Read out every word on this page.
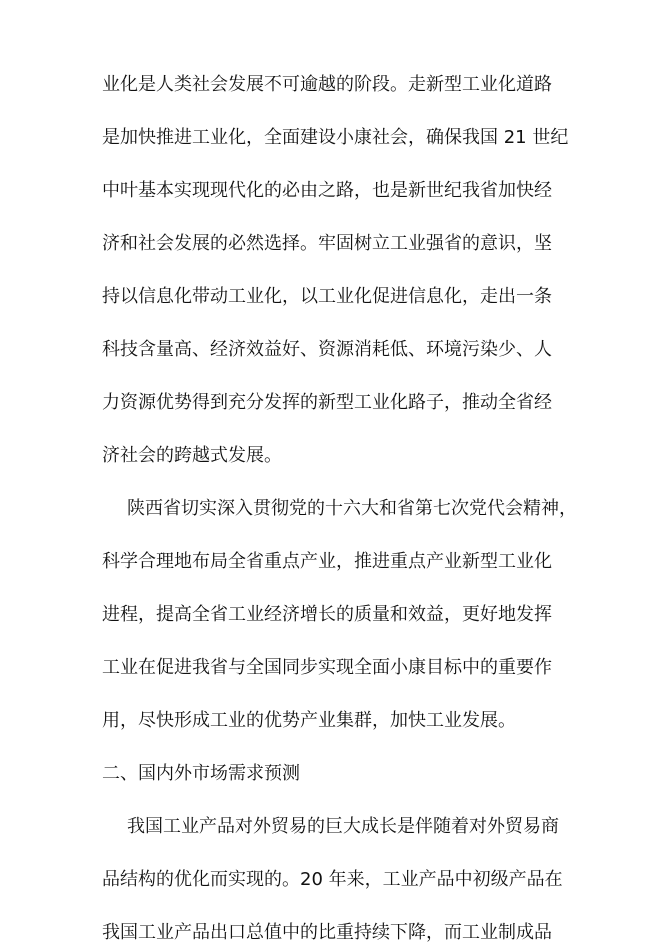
业化是人类社会发展不可逾越的阶段。走新型工业化道路
是加快推进工业化，全面建设小康社会，确保我国 21 世纪
中叶基本实现现代化的必由之路，也是新世纪我省加快经
济和社会发展的必然选择。牢固树立工业强省的意识，坚
持以信息化带动工业化，以工业化促进信息化，走出一条
科技含量高、经济效益好、资源消耗低、环境污染少、人
力资源优势得到充分发挥的新型工业化路子，推动全省经
济社会的跨越式发展。
陕西省切实深入贯彻党的十六大和省第七次党代会精神，
科学合理地布局全省重点产业，推进重点产业新型工业化
进程，提高全省工业经济增长的质量和效益，更好地发挥
工业在促进我省与全国同步实现全面小康目标中的重要作
用，尽快形成工业的优势产业集群，加快工业发展。
二、国内外市场需求预测
我国工业产品对外贸易的巨大成长是伴随着对外贸易商
品结构的优化而实现的。20 年来，工业产品中初级产品在
我国工业产品出口总值中的比重持续下降，而工业制成品
